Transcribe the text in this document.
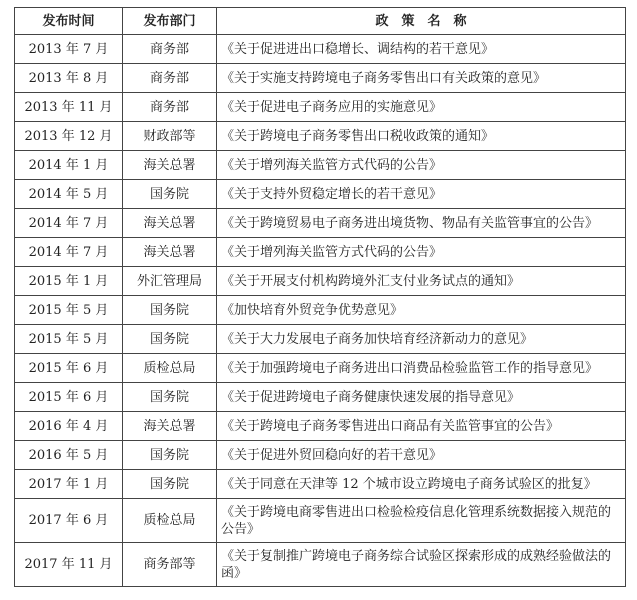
发布时间	发布部门	政　策　名　称
2013 年 7 月	商务部	《关于促进进出口稳增长、调结构的若干意见》
2013 年 8 月	商务部	《关于实施支持跨境电子商务零售出口有关政策的意见》
2013 年 11 月	商务部	《关于促进电子商务应用的实施意见》
2013 年 12 月	财政部等	《关于跨境电子商务零售出口税收政策的通知》
2014 年 1 月	海关总署	《关于增列海关监管方式代码的公告》
2014 年 5 月	国务院	《关于支持外贸稳定增长的若干意见》
2014 年 7 月	海关总署	《关于跨境贸易电子商务进出境货物、物品有关监管事宜的公告》
2014 年 7 月	海关总署	《关于增列海关监管方式代码的公告》
2015 年 1 月	外汇管理局	《关于开展支付机构跨境外汇支付业务试点的通知》
2015 年 5 月	国务院	《加快培育外贸竞争优势意见》
2015 年 5 月	国务院	《关于大力发展电子商务加快培育经济新动力的意见》
2015 年 6 月	质检总局	《关于加强跨境电子商务进出口消费品检验监管工作的指导意见》
2015 年 6 月	国务院	《关于促进跨境电子商务健康快速发展的指导意见》
2016 年 4 月	海关总署	《关于跨境电子商务零售进出口商品有关监管事宜的公告》
2016 年 5 月	国务院	《关于促进外贸回稳向好的若干意见》
2017 年 1 月	国务院	《关于同意在天津等 12 个城市设立跨境电子商务试验区的批复》
2017 年 6 月	质检总局	《关于跨境电商零售进出口检验检疫信息化管理系统数据接入规范的公告》
2017 年 11 月	商务部等	《关于复制推广跨境电子商务综合试验区探索形成的成熟经验做法的函》
